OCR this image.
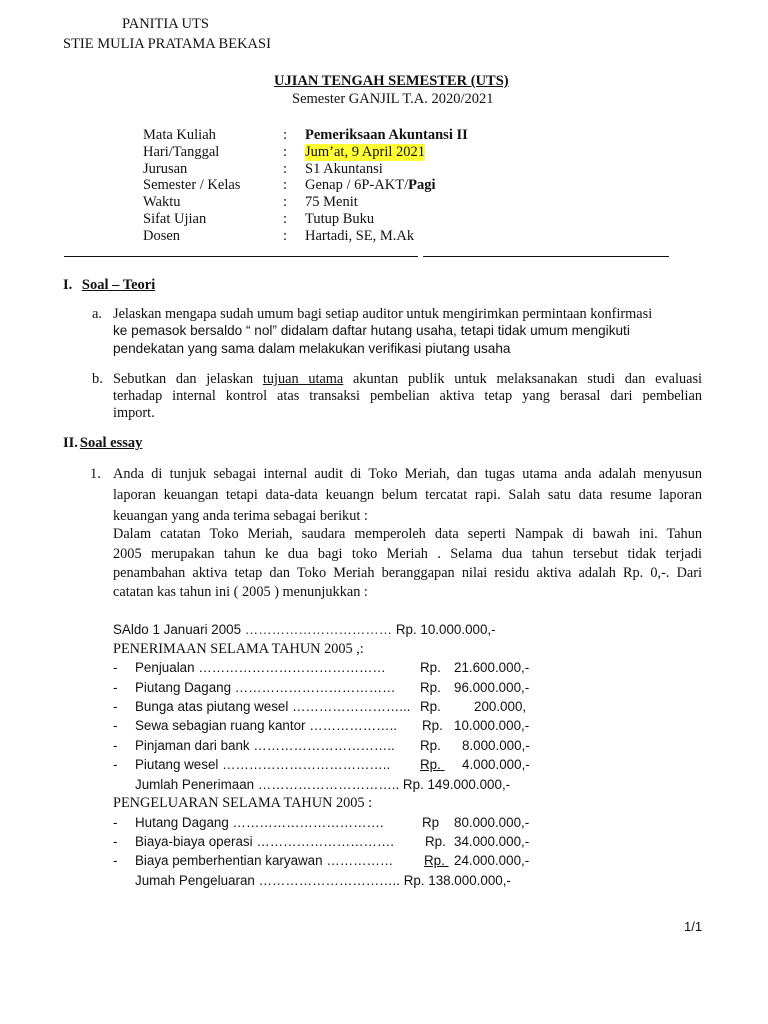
PANITIA UTS
STIE MULIA PRATAMA BEKASI
UJIAN TENGAH SEMESTER (UTS)
Semester GANJIL T.A. 2020/2021
Mata Kuliah	: Pemeriksaan Akuntansi II
Hari/Tanggal	: Jum’at, 9 April 2021
Jurusan	: S1 Akuntansi
Semester / Kelas	: Genap / 6P-AKT/Pagi
Waktu	: 75 Menit
Sifat Ujian	: Tutup Buku
Dosen	: Hartadi, SE, M.Ak
I. Soal – Teori
a. Jelaskan mengapa sudah umum bagi setiap auditor untuk mengirimkan permintaan konfirmasi
ke pemasok bersaldo “ nol” didalam daftar hutang usaha, tetapi tidak umum mengikuti
pendekatan yang sama dalam melakukan verifikasi piutang usaha
b. Sebutkan dan jelaskan tujuan utama akuntan publik untuk melaksanakan studi dan evaluasi
terhadap internal kontrol atas transaksi pembelian aktiva tetap yang berasal dari pembelian
import.
II. Soal essay
1. Anda di tunjuk sebagai internal audit di Toko Meriah, dan tugas utama anda adalah menyusun
laporan keuangan tetapi data-data keuangn belum tercatat rapi. Salah satu data resume laporan
keuangan yang anda terima sebagai berikut :
Dalam catatan Toko Meriah, saudara memperoleh data seperti Nampak di bawah ini. Tahun
2005 merupakan tahun ke dua bagi toko Meriah . Selama dua tahun tersebut tidak terjadi
penambahan aktiva tetap dan Toko Meriah beranggapan nilai residu aktiva adalah Rp. 0,-. Dari
catatan kas tahun ini ( 2005 ) menunjukkan :
SAldo 1 Januari 2005 …………………………… Rp. 10.000.000,-
PENERIMAAN SELAMA TAHUN 2005 ,:
- Penjualan ……………………………………	Rp. 21.600.000,-
- Piutang Dagang ……………………………… Rp. 96.000.000,-
- Bunga atas piutang wesel ……………………... Rp. 200.000,
- Sewa sebagian ruang kantor ……………….. Rp. 10.000.000,-
- Pinjaman dari bank ………………………….. Rp. 8.000.000,-
- Piutang wesel ……………………………….. Rp. 4.000.000,-

Jumlah Penerimaan ………………………….. Rp. 149.000.000,-
PENGELUARAN SELAMA TAHUN 2005 :
- Hutang Dagang …………………………….	Rp 80.000.000,-
- Biaya-biaya operasi …………………………. Rp. 34.000.000,-
- Biaya pemberhentian karyawan …………… Rp. 24.000.000,-

Jumah Pengeluaran ………………………….. Rp. 138.000.000,-
1/1
